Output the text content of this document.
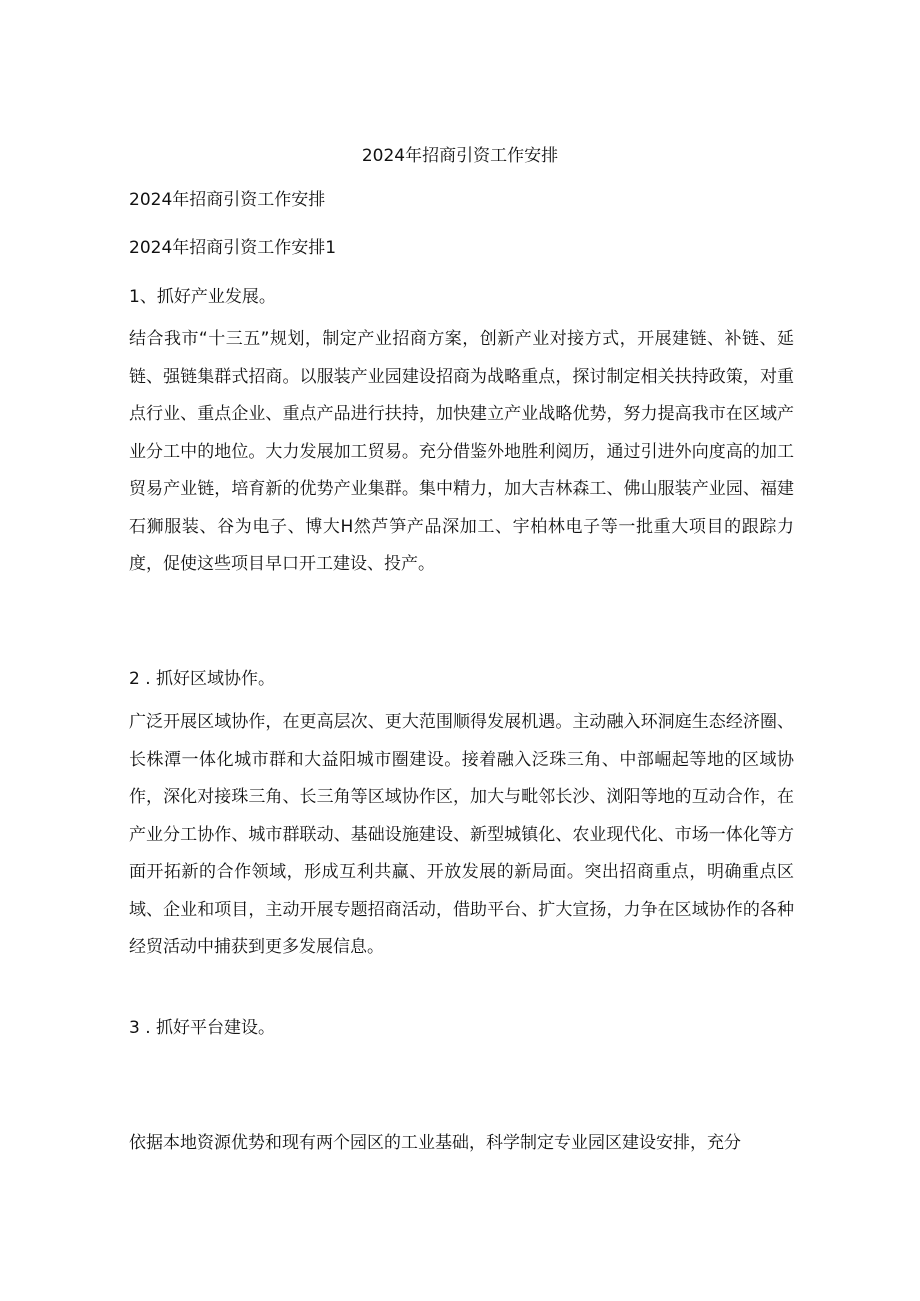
2024年招商引资工作安排

2024年招商引资工作安排

2024年招商引资工作安排1

1、抓好产业发展。

结合我市“十三五”规划，制定产业招商方案，创新产业对接方式，开展建链、补链、延链、强链集群式招商。以服装产业园建设招商为战略重点，探讨制定相关扶持政策，对重点行业、重点企业、重点产品进行扶持，加快建立产业战略优势，努力提高我市在区域产业分工中的地位。大力发展加工贸易。充分借鉴外地胜利阅历，通过引进外向度高的加工贸易产业链，培育新的优势产业集群。集中精力，加大吉林森工、佛山服装产业园、福建石狮服装、谷为电子、博大H然芦笋产品深加工、宇柏林电子等一批重大项目的跟踪力度，促使这些项目早口开工建设、投产。

2 . 抓好区域协作。

广泛开展区域协作，在更高层次、更大范围顺得发展机遇。主动融入环洞庭生态经济圈、长株潭一体化城市群和大益阳城市圈建设。接着融入泛珠三角、中部崛起等地的区域协作，深化对接珠三角、长三角等区域协作区，加大与毗邻长沙、浏阳等地的互动合作，在产业分工协作、城市群联动、基础设施建设、新型城镇化、农业现代化、市场一体化等方面开拓新的合作领域，形成互利共赢、开放发展的新局面。突出招商重点，明确重点区域、企业和项目，主动开展专题招商活动，借助平台、扩大宣扬，力争在区域协作的各种经贸活动中捕获到更多发展信息。

3 . 抓好平台建设。

依据本地资源优势和现有两个园区的工业基础，科学制定专业园区建设安排，充分
